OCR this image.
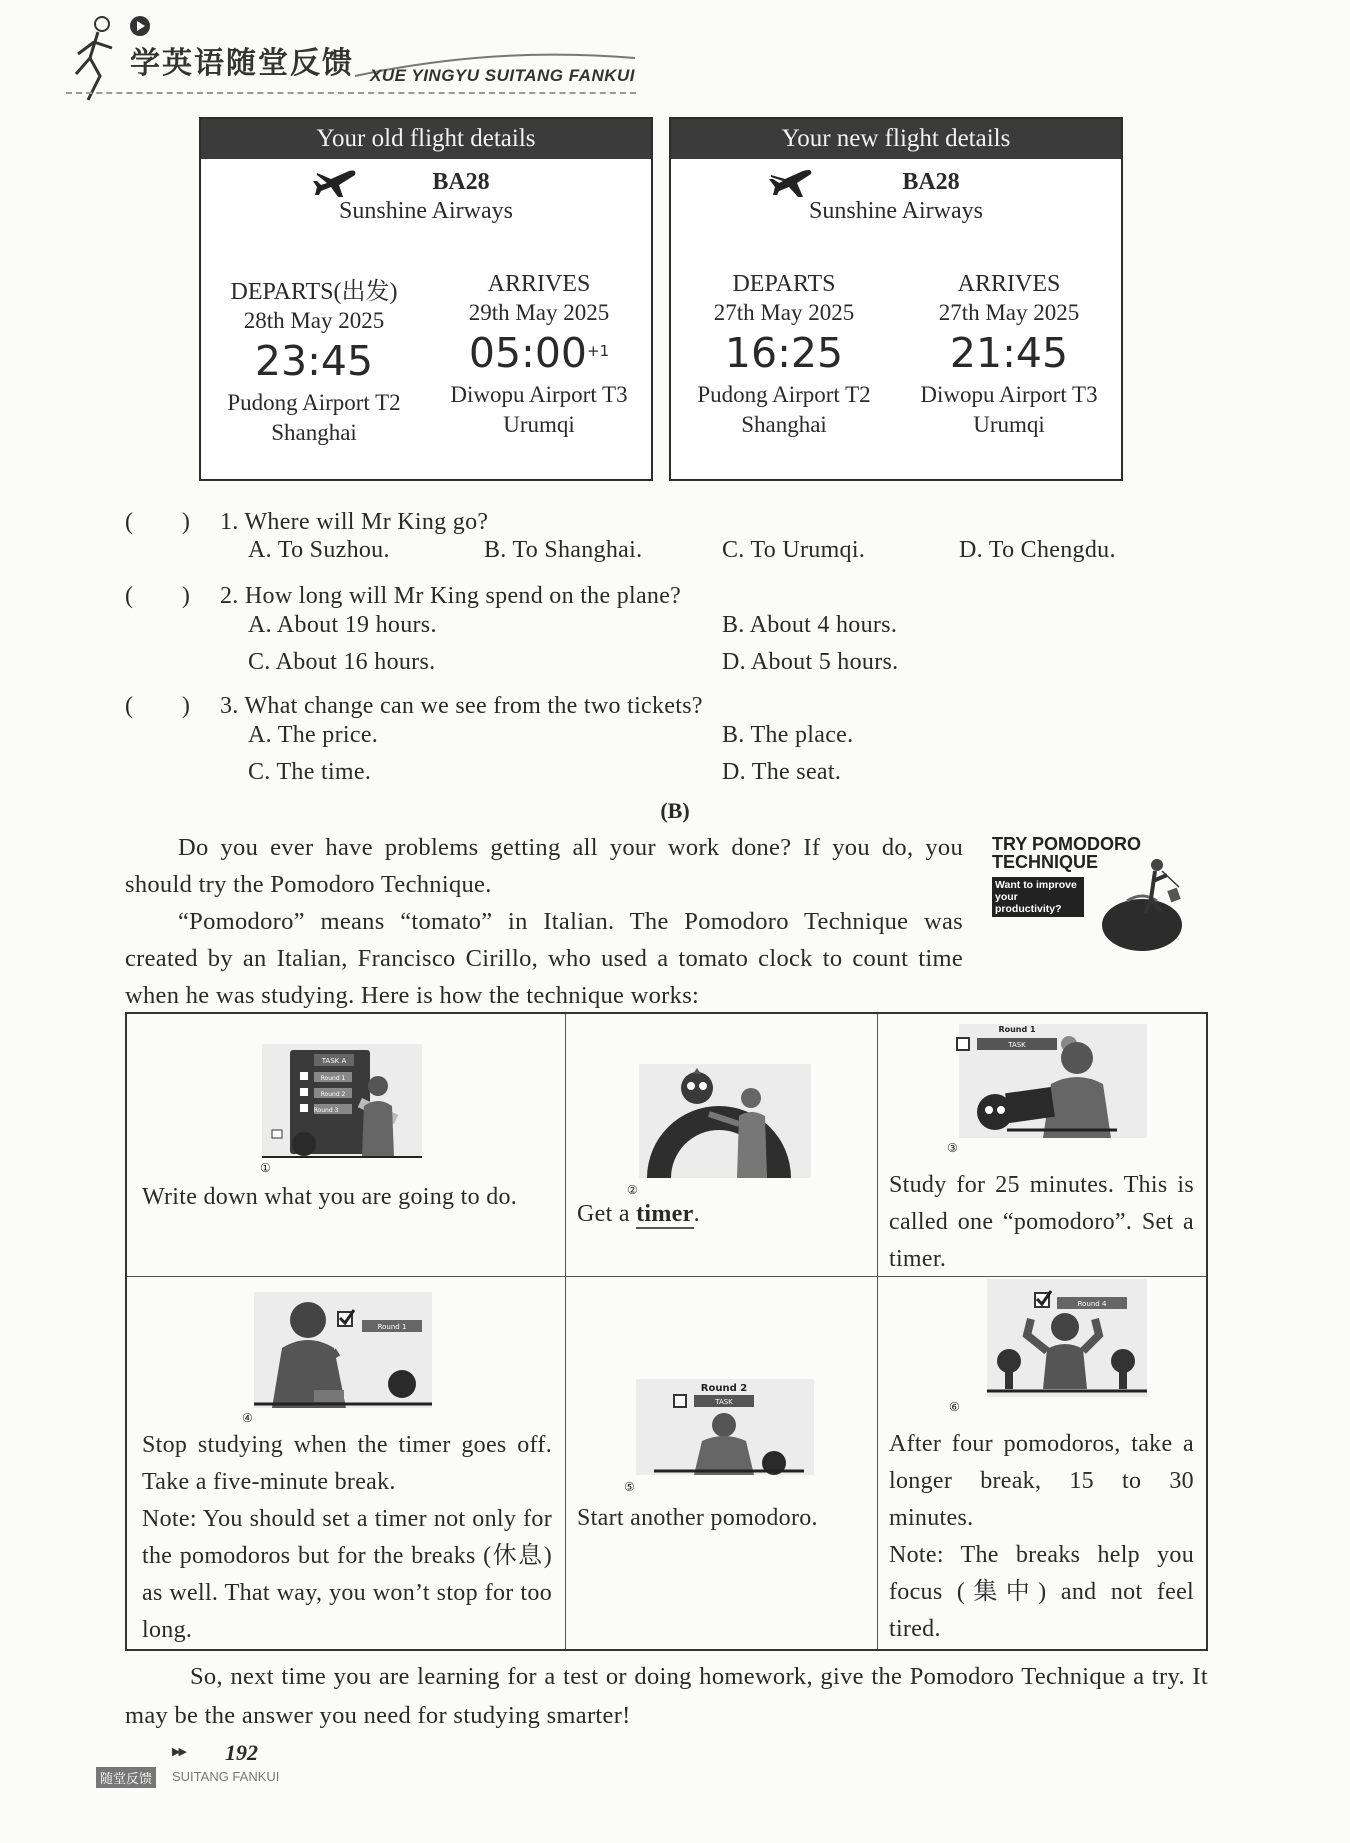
学英语随堂反馈 XUE YINGYU SUITANG FANKUI
Your old flight details
BA28
Sunshine Airways
DEPARTS(出发)
28th May 2025
23:45
Pudong Airport T2
Shanghai
ARRIVES
29th May 2025
$05:00^{+1}$
Diwopu Airport T3
Urumqi
Your new flight details
BA28
Sunshine Airways
DEPARTS
27th May 2025
16:25
Pudong Airport T2
Shanghai
ARRIVES
27th May 2025
21:45
Diwopu Airport T3
Urumqi
(　　) 1. Where will Mr King go?
A. To Suzhou.	B. To Shanghai.	C. To Urumqi.	D. To Chengdu.
(　　) 2. How long will Mr King spend on the plane?
A. About 19 hours.	B. About 4 hours.
C. About 16 hours.	D. About 5 hours.
(　　) 3. What change can we see from the two tickets?
A. The price.	B. The place.
C. The time.	D. The seat.
(B)
Do you ever have problems getting all your work done? If you do, you should try the Pomodoro Technique.
“Pomodoro” means “tomato” in Italian. The Pomodoro Technique was created by an Italian, Francisco Cirillo, who used a tomato clock to count time when he was studying. Here is how the technique works:
TRY POMODORO TECHNIQUE
Want to improve your productivity?
TASK A
Round 1
Round 2
Round 3
①
Write down what you are going to do.	②
Get a timer.
Round 1
TASK
③
Study for 25 minutes. This is called one “pomodoro”. Set a timer.
Round 1
④
Stop studying when the timer goes off. Take a five-minute break.
Note: You should set a timer not only for the pomodoros but for the breaks (休息) as well. That way, you won’t stop for too long.
Round 2
TASK
⑤
Start another pomodoro.
Round 4
⑥
After four pomodoros, take a longer break, 15 to 30 minutes.
Note: The breaks help you focus (集中) and not feel tired.
So, next time you are learning for a test or doing homework, give the Pomodoro Technique a try. It may be the answer you need for studying smarter!
▶▶ 192
随堂反馈	SUITANG FANKUI
